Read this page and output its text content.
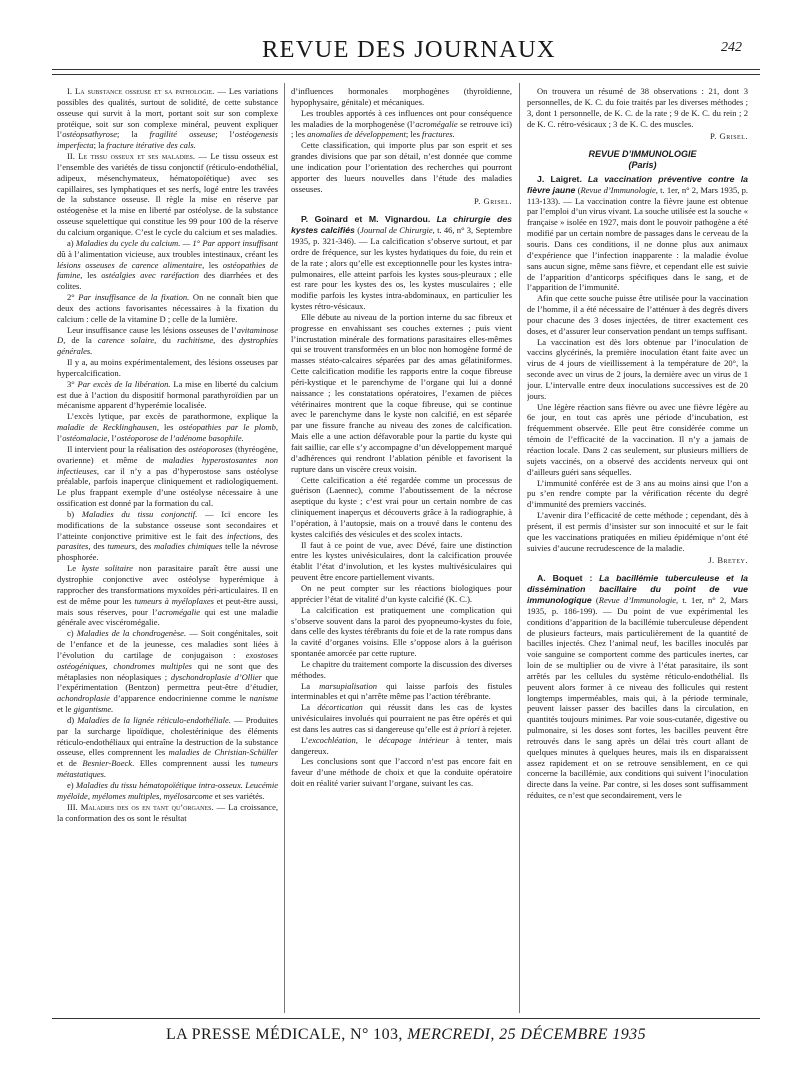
REVUE DES JOURNAUX	242

I. La substance osseuse et sa pathologie. — Les variations possibles des qualités, surtout de solidité, de cette substance osseuse qui survit à la mort, portant soit sur son complexe protéique, soit sur son complexe minéral, peuvent expliquer l’ostéopsathyrose; la fragilité osseuse; l’ostéogenesis imperfecta; la fracture itérative des cals.

II. Le tissu osseux et ses maladies. — Le tissu osseux est l’ensemble des variétés de tissu conjonctif (réticulo-endothélial, adipeux, mésenchymateux, hématopoïétique) avec ses capillaires, ses lymphatiques et ses nerfs, logé entre les travées de la substance osseuse. Il règle la mise en réserve par ostéogenèse et la mise en liberté par ostéolyse. de la substance osseuse squelettique qui constitue les 99 pour 100 de la réserve du calcium organique. C’est le cycle du calcium et ses maladies.

a) Maladies du cycle du calcium. — 1° Par apport insuffisant dû à l’alimentation vicieuse, aux troubles intestinaux, créant les lésions osseuses de carence alimentaire, les ostéopathies de famine, les ostéalgies avec raréfaction des diarrhées et des colites.

2° Par insuffisance de la fixation. On ne connaît bien que deux des actions favorisantes nécessaires à la fixation du calcium : celle de la vitamine D ; celle de la lumière.

Leur insuffisance cause les lésions osseuses de l’avitaminose D, de la carence solaire, du rachitisme, des dystrophies générales.

Il y a, au moins expérimentalement, des lésions osseuses par hypercalcification.

3° Par excès de la libération. La mise en liberté du calcium est due à l’action du dispositif hormonal parathyroïdien par un mécanisme apparent d’hyperémie localisée.

L’excès lytique, par excès de parathormone, explique la maladie de Recklinghausen, les ostéopathies par le plomb, l’ostéomalacie, l’ostéoporose de l’adénome basophile.

Il intervient pour la réalisation des ostéoporoses (thyréogène, ovarienne) et même de maladies hyperostosantes non infectieuses, car il n’y a pas d’hyperostose sans ostéolyse préalable, parfois inaperçue cliniquement et radiologiquement. Le plus frappant exemple d’une ostéolyse nécessaire à une ossification est donné par la formation du cal.

b) Maladies du tissu conjonctif. — Ici encore les modifications de la substance osseuse sont secondaires et l’atteinte conjonctive primitive est le fait des infections, des parasites, des tumeurs, des maladies chimiques telle la névrose phosphorée.

Le kyste solitaire non parasitaire paraît être aussi une dystrophie conjonctive avec ostéolyse hyperémique à rapprocher des transformations myxoïdes péri-articulaires. Il en est de même pour les tumeurs à myéloplaxes et peut-être aussi, mais sous réserves, pour l’acromégalie qui est une maladie générale avec viscéromégalie.

c) Maladies de la chondrogenèse. — Soit congénitales, soit de l’enfance et de la jeunesse, ces maladies sont liées à l’évolution du cartilage de conjugaison : exostoses ostéogéniques, chondromes multiples qui ne sont que des métaplasies non néoplasiques ; dyschondroplasie d’Ollier que l’expérimentation (Bentzon) permettra peut-être d’étudier, achondroplasie d’apparence endocrinienne comme le nanisme et le gigantisme.

d) Maladies de la lignée réticulo-endothéliale. — Produites par la surcharge lipoïdique, cholestérinique des éléments réticulo-endothéliaux qui entraîne la destruction de la substance osseuse, elles comprennent les maladies de Christian-Schüller et de Besnier-Boeck. Elles comprennent aussi les tumeurs métastatiques.

e) Maladies du tissu hématopoïétique intra-osseux. Leucémie myéloïde, myélomes multiples, myélosarcome et ses variétés.

III. Maladies des os en tant qu’organes. — La croissance, la conformation des os sont le résultat

d’influences hormonales morphogènes (thyroïdienne, hypophysaire, génitale) et mécaniques.

Les troubles apportés à ces influences ont pour conséquence les maladies de la morphogenèse (l’acromégalie se retrouve ici) ; les anomalies de développement; les fractures.

Cette classification, qui importe plus par son esprit et ses grandes divisions que par son détail, n’est donnée que comme une indication pour l’orientation des recherches qui pourront apporter des lueurs nouvelles dans l’étude des maladies osseuses.

P. Grisel.

P. Goinard et M. Vignardou. La chirurgie des kystes calcifiés (Journal de Chirurgie, t. 46, n° 3, Septembre 1935, p. 321-346). — La calcification s’observe surtout, et par ordre de fréquence, sur les kystes hydatiques du foie, du rein et de la rate ; alors qu’elle est exceptionnelle pour les kystes intra-pulmonaires, elle atteint parfois les kystes sous-pleuraux ; elle est rare pour les kystes des os, les kystes musculaires ; elle modifie parfois les kystes intra-abdominaux, en particulier les kystes rétro-vésicaux.

Elle débute au niveau de la portion interne du sac fibreux et progresse en envahissant ses couches externes ; puis vient l’incrustation minérale des formations parasitaires elles-mêmes qui se trouvent transformées en un bloc non homogène formé de masses stéato-calcaires séparées par des amas gélatiniformes. Cette calcification modifie les rapports entre la coque fibreuse péri-kystique et le parenchyme de l’organe qui lui a donné naissance ; les constatations opératoires, l’examen de pièces vétérinaires montrent que la coque fibreuse, qui se continue avec le parenchyme dans le kyste non calcifié, en est séparée par une fissure franche au niveau des zones de calcification. Mais elle a une action défavorable pour la partie du kyste qui fait saillie, car elle s’y accompagne d’un développement marqué d’adhérences qui rendront l’ablation pénible et favorisent la rupture dans un viscère creux voisin.

Cette calcification a été regardée comme un processus de guérison (Laennec), comme l’aboutissement de la nécrose aseptique du kyste ; c’est vrai pour un certain nombre de cas cliniquement inaperçus et découverts grâce à la radiographie, à l’opération, à l’autopsie, mais on a trouvé dans le contenu des kystes calcifiés des vésicules et des scolex intacts.

Il faut à ce point de vue, avec Dévé, faire une distinction entre les kystes univésiculaires, dont la calcification prouvée établit l’état d’involution, et les kystes multivésiculaires qui peuvent être encore partiellement vivants.

On ne peut compter sur les réactions biologiques pour apprécier l’état de vitalité d’un kyste calcifié (K. C.).

La calcification est pratiquement une complication qui s’observe souvent dans la paroi des pyopneumo-kystes du foie, dans celle des kystes térébrants du foie et de la rate rompus dans la cavité d’organes voisins. Elle s’oppose alors à la guérison spontanée amorcée par cette rupture.

Le chapitre du traitement comporte la discussion des diverses méthodes.

La marsupialisation qui laisse parfois des fistules interminables et qui n’arrête même pas l’action térébrante.

La décortication qui réussit dans les cas de kystes univésiculaires involués qui pourraient ne pas être opérés et qui est dans les autres cas si dangereuse qu’elle est à priori à rejeter.

L’excochléation, le décapage intérieur à tenter, mais dangereux.

Les conclusions sont que l’accord n’est pas encore fait en faveur d’une méthode de choix et que la conduite opératoire doit en réalité varier suivant l’organe, suivant les cas.

On trouvera un résumé de 38 observations : 21, dont 3 personnelles, de K. C. du foie traités par les diverses méthodes ; 3, dont 1 personnelle, de K. C. de la rate ; 9 de K. C. du rein ; 2 de K. C. rétro-vésicaux ; 3 de K. C. des muscles.

P. Grisel.

REVUE D’IMMUNOLOGIE

(Paris)

J. Laigret. La vaccination préventive contre la fièvre jaune (Revue d’Immunologie, t. 1er, n° 2, Mars 1935, p. 113-133). — La vaccination contre la fièvre jaune est obtenue par l’emploi d’un virus vivant. La souche utilisée est la souche « française » isolée en 1927, mais dont le pouvoir pathogène a été modifié par un certain nombre de passages dans le cerveau de la souris. Dans ces conditions, il ne donne plus aux animaux d’expérience que l’infection inapparente : la maladie évolue sans aucun signe, même sans fièvre, et cependant elle est suivie de l’apparition d’anticorps spécifiques dans le sang, et de l’apparition de l’immunité.

Afin que cette souche puisse être utilisée pour la vaccination de l’homme, il a été nécessaire de l’atténuer à des degrés divers pour chacune des 3 doses injectées, de titrer exactement ces doses, et d’assurer leur conservation pendant un temps suffisant.

La vaccination est dès lors obtenue par l’inoculation de vaccins glycérinés, la première inoculation étant faite avec un virus de 4 jours de vieillissement à la température de 20°, la seconde avec un virus de 2 jours, la dernière avec un virus de 1 jour. L’intervalle entre deux inoculations successives est de 20 jours.

Une légère réaction sans fièvre ou avec une fièvre légère au 6e jour, en tout cas après une période d’incubation, est fréquemment observée. Elle peut être considérée comme un témoin de l’efficacité de la vaccination. Il n’y a jamais de réaction locale. Dans 2 cas seulement, sur plusieurs milliers de sujets vaccinés, on a observé des accidents nerveux qui ont d’ailleurs guéri sans séquelles.

L’immunité conférée est de 3 ans au moins ainsi que l’on a pu s’en rendre compte par la vérification récente du degré d’immunité des premiers vaccinés.

L’avenir dira l’efficacité de cette méthode ; cependant, dès à présent, il est permis d’insister sur son innocuité et sur le fait que les vaccinations pratiquées en milieu épidémique n’ont été suivies d’aucune recrudescence de la maladie.

J. Bretey.

A. Boquet : La bacillémie tuberculeuse et la dissémination bacillaire du point de vue immunologique (Revue d’Immunologie, t. 1er, n° 2, Mars 1935, p. 186-199). — Du point de vue expérimental les conditions d’apparition de la bacillémie tuberculeuse dépendent de plusieurs facteurs, mais particulièrement de la quantité de bacilles injectés. Chez l’animal neuf, les bacilles inoculés par voie sanguine se comportent comme des particules inertes, car loin de se multiplier ou de vivre à l’état parasitaire, ils sont arrêtés par les cellules du système réticulo-endothélial. Ils peuvent alors former à ce niveau des follicules qui restent longtemps imperméables, mais qui, à la période terminale, peuvent laisser passer des bacilles dans la circulation, en quantités toujours minimes. Par voie sous-cutanée, digestive ou pulmonaire, si les doses sont fortes, les bacilles peuvent être retrouvés dans le sang après un délai très court allant de quelques minutes à quelques heures, mais ils en disparaissent assez rapidement et on se retrouve sensiblement, en ce qui concerne la bacillémie, aux conditions qui suivent l’inoculation directe dans la veine. Par contre, si les doses sont suffisamment réduites, ce n’est que secondairement, vers le

LA PRESSE MÉDICALE, N° 103, MERCREDI, 25 DÉCEMBRE 1935
